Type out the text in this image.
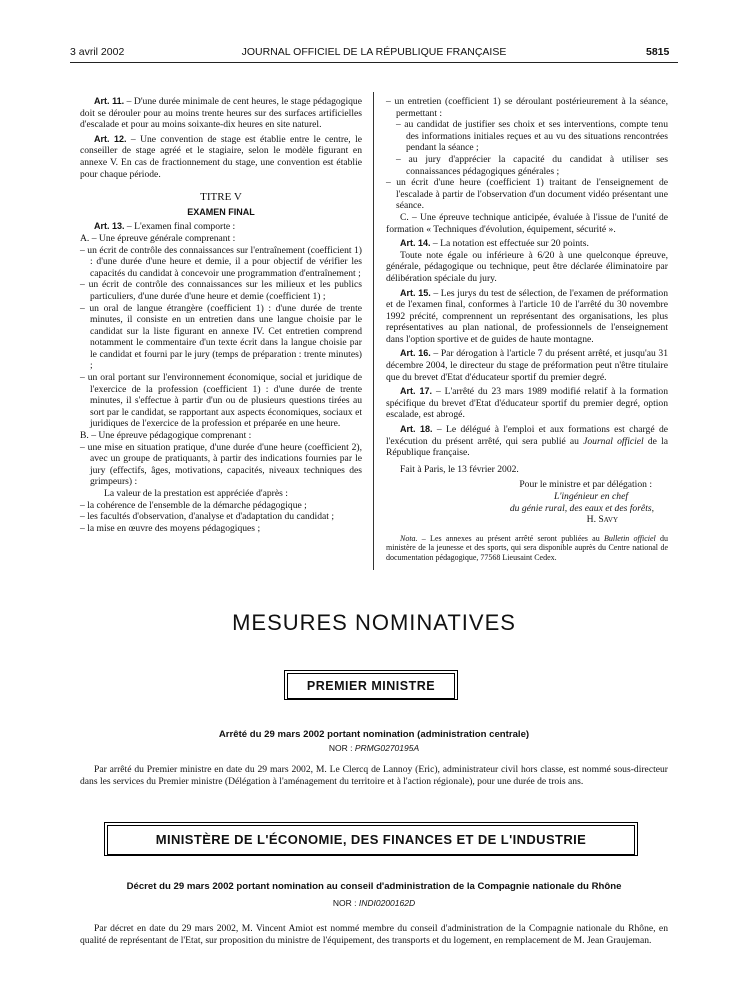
3 avril 2002	JOURNAL OFFICIEL DE LA RÉPUBLIQUE FRANÇAISE	5815

Art. 11. – D'une durée minimale de cent heures, le stage pédagogique doit se dérouler pour au moins trente heures sur des surfaces artificielles d'escalade et pour au moins soixante-dix heures en site naturel.

Art. 12. – Une convention de stage est établie entre le centre, le conseiller de stage agréé et le stagiaire, selon le modèle figurant en annexe V. En cas de fractionnement du stage, une convention est établie pour chaque période.

TITRE V

EXAMEN FINAL

Art. 13. – L'examen final comporte :

A. – Une épreuve générale comprenant :

– un écrit de contrôle des connaissances sur l'entraînement (coefficient 1) : d'une durée d'une heure et demie, il a pour objectif de vérifier les capacités du candidat à concevoir une programmation d'entraînement ;

– un écrit de contrôle des connaissances sur les milieux et les publics particuliers, d'une durée d'une heure et demie (coefficient 1) ;

– un oral de langue étrangère (coefficient 1) : d'une durée de trente minutes, il consiste en un entretien dans une langue choisie par le candidat sur la liste figurant en annexe IV. Cet entretien comprend notamment le commentaire d'un texte écrit dans la langue choisie par le candidat et fourni par le jury (temps de préparation : trente minutes) ;

– un oral portant sur l'environnement économique, social et juridique de l'exercice de la profession (coefficient 1) : d'une durée de trente minutes, il s'effectue à partir d'un ou de plusieurs questions tirées au sort par le candidat, se rapportant aux aspects économiques, sociaux et juridiques de l'exercice de la profession et préparée en une heure.

B. – Une épreuve pédagogique comprenant :

– une mise en situation pratique, d'une durée d'une heure (coefficient 2), avec un groupe de pratiquants, à partir des indications fournies par le jury (effectifs, âges, motivations, capacités, niveaux techniques des grimpeurs) :

La valeur de la prestation est appréciée d'après :

– la cohérence de l'ensemble de la démarche pédagogique ;

– les facultés d'observation, d'analyse et d'adaptation du candidat ;

– la mise en œuvre des moyens pédagogiques ;

– un entretien (coefficient 1) se déroulant postérieurement à la séance, permettant :

– au candidat de justifier ses choix et ses interventions, compte tenu des informations initiales reçues et au vu des situations rencontrées pendant la séance ;

– au jury d'apprécier la capacité du candidat à utiliser ses connaissances pédagogiques générales ;

– un écrit d'une heure (coefficient 1) traitant de l'enseignement de l'escalade à partir de l'observation d'un document vidéo présentant une séance.

C. – Une épreuve technique anticipée, évaluée à l'issue de l'unité de formation « Techniques d'évolution, équipement, sécurité ».

Art. 14. – La notation est effectuée sur 20 points.

Toute note égale ou inférieure à 6/20 à une quelconque épreuve, générale, pédagogique ou technique, peut être déclarée éliminatoire par délibération spéciale du jury.

Art. 15. – Les jurys du test de sélection, de l'examen de préformation et de l'examen final, conformes à l'article 10 de l'arrêté du 30 novembre 1992 précité, comprennent un représentant des organisations, les plus représentatives au plan national, de professionnels de l'enseignement dans l'option sportive et de guides de haute montagne.

Art. 16. – Par dérogation à l'article 7 du présent arrêté, et jusqu'au 31 décembre 2004, le directeur du stage de préformation peut n'être titulaire que du brevet d'Etat d'éducateur sportif du premier degré.

Art. 17. – L'arrêté du 23 mars 1989 modifié relatif à la formation spécifique du brevet d'Etat d'éducateur sportif du premier degré, option escalade, est abrogé.

Art. 18. – Le délégué à l'emploi et aux formations est chargé de l'exécution du présent arrêté, qui sera publié au Journal officiel de la République française.

Fait à Paris, le 13 février 2002.

Pour le ministre et par délégation :

L'ingénieur en chef

du génie rural, des eaux et des forêts,

H. Savy

Nota. – Les annexes au présent arrêté seront publiées au Bulletin officiel du ministère de la jeunesse et des sports, qui sera disponible auprès du Centre national de documentation pédagogique, 77568 Lieusaint Cedex.

MESURES NOMINATIVES
PREMIER MINISTRE
Arrêté du 29 mars 2002 portant nomination (administration centrale)
NOR : PRMG0270195A
Par arrêté du Premier ministre en date du 29 mars 2002, M. Le Clercq de Lannoy (Eric), administrateur civil hors classe, est nommé sous-directeur dans les services du Premier ministre (Délégation à l'aménagement du territoire et à l'action régionale), pour une durée de trois ans.
MINISTÈRE DE L'ÉCONOMIE, DES FINANCES ET DE L'INDUSTRIE
Décret du 29 mars 2002 portant nomination au conseil d'administration de la Compagnie nationale du Rhône
NOR : INDI0200162D
Par décret en date du 29 mars 2002, M. Vincent Amiot est nommé membre du conseil d'administration de la Compagnie nationale du Rhône, en qualité de représentant de l'Etat, sur proposition du ministre de l'équipement, des transports et du logement, en remplacement de M. Jean Graujeman.
